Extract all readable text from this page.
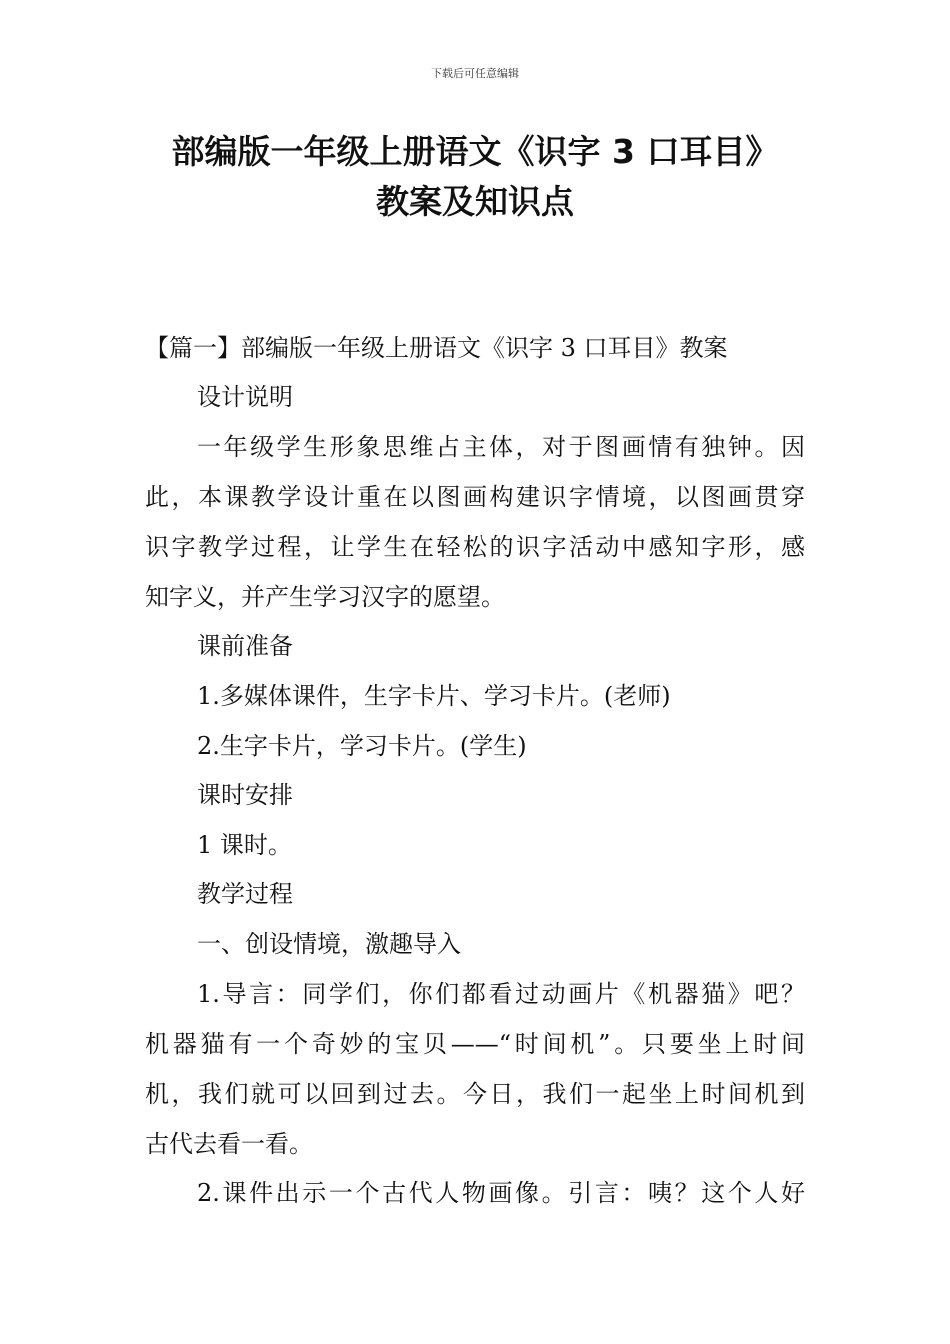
下载后可任意编辑
部编版一年级上册语文《识字 3 口耳目》
教案及知识点
【篇一】部编版一年级上册语文《识字 3 口耳目》教案
设计说明
一年级学生形象思维占主体，对于图画情有独钟。因
此，本课教学设计重在以图画构建识字情境，以图画贯穿
识字教学过程，让学生在轻松的识字活动中感知字形，感
知字义，并产生学习汉字的愿望。
课前准备
1.多媒体课件，生字卡片、学习卡片。(老师)
2.生字卡片，学习卡片。(学生)
课时安排
1 课时。
教学过程
一、创设情境，激趣导入
1.导言：同学们，你们都看过动画片《机器猫》吧？
机器猫有一个奇妙的宝贝——“时间机”。只要坐上时间
机，我们就可以回到过去。今日，我们一起坐上时间机到
古代去看一看。
2.课件出示一个古代人物画像。引言：咦？这个人好
